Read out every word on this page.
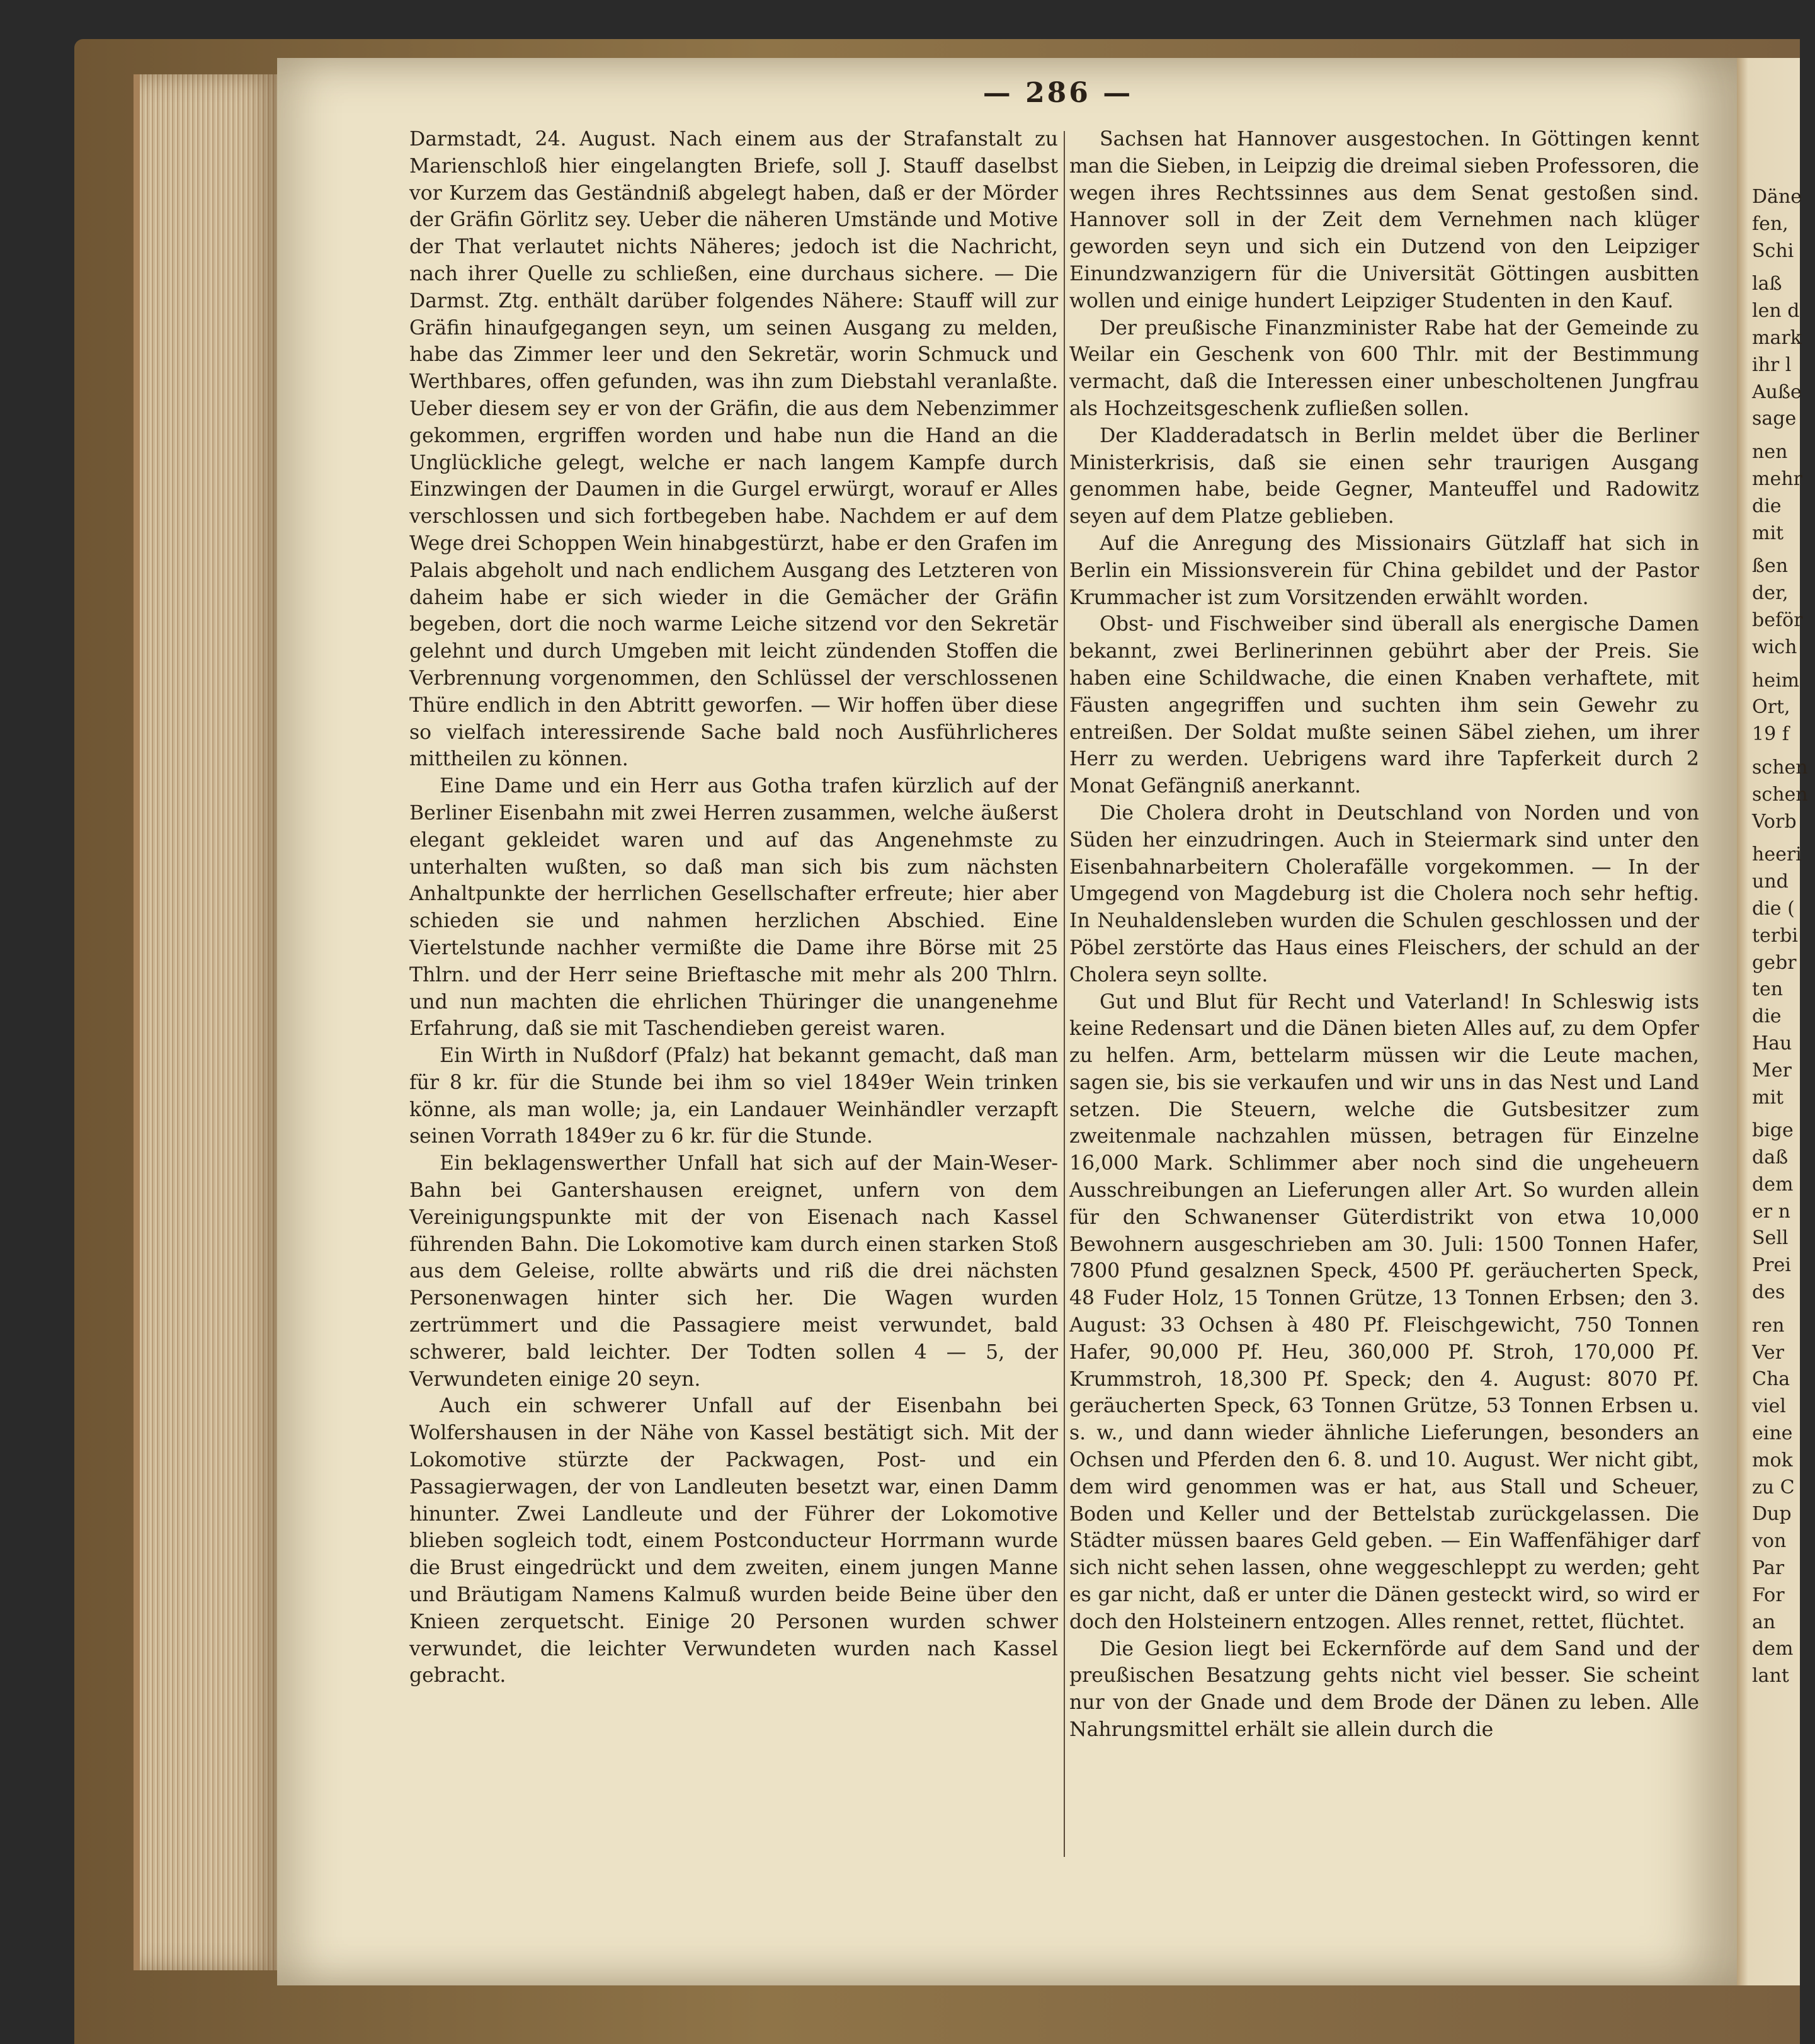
— 286 —

Darmstadt, 24. August. Nach einem aus der Strafanstalt zu Marienschloß hier eingelangten Briefe, soll J. Stauff daselbst vor Kurzem das Geständniß abgelegt haben, daß er der Mörder der Gräfin Görlitz sey. Ueber die näheren Umstände und Motive der That verlautet nichts Näheres; jedoch ist die Nachricht, nach ihrer Quelle zu schließen, eine durchaus sichere. — Die Darmst. Ztg. enthält darüber folgendes Nähere: Stauff will zur Gräfin hinaufgegangen seyn, um seinen Ausgang zu melden, habe das Zimmer leer und den Sekretär, worin Schmuck und Werthbares, offen gefunden, was ihn zum Diebstahl veranlaßte. Ueber diesem sey er von der Gräfin, die aus dem Nebenzimmer gekommen, ergriffen worden und habe nun die Hand an die Unglückliche gelegt, welche er nach langem Kampfe durch Einzwingen der Daumen in die Gurgel erwürgt, worauf er Alles verschlossen und sich fortbegeben habe. Nachdem er auf dem Wege drei Schoppen Wein hinabgestürzt, habe er den Grafen im Palais abgeholt und nach endlichem Ausgang des Letzteren von daheim habe er sich wieder in die Gemächer der Gräfin begeben, dort die noch warme Leiche sitzend vor den Sekretär gelehnt und durch Umgeben mit leicht zündenden Stoffen die Verbrennung vorgenommen, den Schlüssel der verschlossenen Thüre endlich in den Abtritt geworfen. — Wir hoffen über diese so vielfach interessirende Sache bald noch Ausführlicheres mittheilen zu können.

Eine Dame und ein Herr aus Gotha trafen kürzlich auf der Berliner Eisenbahn mit zwei Herren zusammen, welche äußerst elegant gekleidet waren und auf das Angenehmste zu unterhalten wußten, so daß man sich bis zum nächsten Anhaltpunkte der herrlichen Gesellschafter erfreute; hier aber schieden sie und nahmen herzlichen Abschied. Eine Viertelstunde nachher vermißte die Dame ihre Börse mit 25 Thlrn. und der Herr seine Brieftasche mit mehr als 200 Thlrn. und nun machten die ehrlichen Thüringer die unangenehme Erfahrung, daß sie mit Taschendieben gereist waren.

Ein Wirth in Nußdorf (Pfalz) hat bekannt gemacht, daß man für 8 kr. für die Stunde bei ihm so viel 1849er Wein trinken könne, als man wolle; ja, ein Landauer Weinhändler verzapft seinen Vorrath 1849er zu 6 kr. für die Stunde.

Ein beklagenswerther Unfall hat sich auf der Main-Weser-Bahn bei Gantershausen ereignet, unfern von dem Vereinigungspunkte mit der von Eisenach nach Kassel führenden Bahn. Die Lokomotive kam durch einen starken Stoß aus dem Geleise, rollte abwärts und riß die drei nächsten Personenwagen hinter sich her. Die Wagen wurden zertrümmert und die Passagiere meist verwundet, bald schwerer, bald leichter. Der Todten sollen 4 — 5, der Verwundeten einige 20 seyn.

Auch ein schwerer Unfall auf der Eisenbahn bei Wolfershausen in der Nähe von Kassel bestätigt sich. Mit der Lokomotive stürzte der Packwagen, Post- und ein Passagierwagen, der von Landleuten besetzt war, einen Damm hinunter. Zwei Landleute und der Führer der Lokomotive blieben sogleich todt, einem Postconducteur Horrmann wurde die Brust eingedrückt und dem zweiten, einem jungen Manne und Bräutigam Namens Kalmuß wurden beide Beine über den Knieen zerquetscht. Einige 20 Personen wurden schwer verwundet, die leichter Verwundeten wurden nach Kassel gebracht.

Sachsen hat Hannover ausgestochen. In Göttingen kennt man die Sieben, in Leipzig die dreimal sieben Professoren, die wegen ihres Rechtssinnes aus dem Senat gestoßen sind. Hannover soll in der Zeit dem Vernehmen nach klüger geworden seyn und sich ein Dutzend von den Leipziger Einundzwanzigern für die Universität Göttingen ausbitten wollen und einige hundert Leipziger Studenten in den Kauf.

Der preußische Finanzminister Rabe hat der Gemeinde zu Weilar ein Geschenk von 600 Thlr. mit der Bestimmung vermacht, daß die Interessen einer unbescholtenen Jungfrau als Hochzeitsgeschenk zufließen sollen.

Der Kladderadatsch in Berlin meldet über die Berliner Ministerkrisis, daß sie einen sehr traurigen Ausgang genommen habe, beide Gegner, Manteuffel und Radowitz seyen auf dem Platze geblieben.

Auf die Anregung des Missionairs Gützlaff hat sich in Berlin ein Missionsverein für China gebildet und der Pastor Krummacher ist zum Vorsitzenden erwählt worden.

Obst- und Fischweiber sind überall als energische Damen bekannt, zwei Berlinerinnen gebührt aber der Preis. Sie haben eine Schildwache, die einen Knaben verhaftete, mit Fäusten angegriffen und suchten ihm sein Gewehr zu entreißen. Der Soldat mußte seinen Säbel ziehen, um ihrer Herr zu werden. Uebrigens ward ihre Tapferkeit durch 2 Monat Gefängniß anerkannt.

Die Cholera droht in Deutschland von Norden und von Süden her einzudringen. Auch in Steiermark sind unter den Eisenbahnarbeitern Cholerafälle vorgekommen. — In der Umgegend von Magdeburg ist die Cholera noch sehr heftig. In Neuhaldensleben wurden die Schulen geschlossen und der Pöbel zerstörte das Haus eines Fleischers, der schuld an der Cholera seyn sollte.

Gut und Blut für Recht und Vaterland! In Schleswig ists keine Redensart und die Dänen bieten Alles auf, zu dem Opfer zu helfen. Arm, bettelarm müssen wir die Leute machen, sagen sie, bis sie verkaufen und wir uns in das Nest und Land setzen. Die Steuern, welche die Gutsbesitzer zum zweitenmale nachzahlen müssen, betragen für Einzelne 16,000 Mark. Schlimmer aber noch sind die ungeheuern Ausschreibungen an Lieferungen aller Art. So wurden allein für den Schwanenser Güterdistrikt von etwa 10,000 Bewohnern ausgeschrieben am 30. Juli: 1500 Tonnen Hafer, 7800 Pfund gesalznen Speck, 4500 Pf. geräucherten Speck, 48 Fuder Holz, 15 Tonnen Grütze, 13 Tonnen Erbsen; den 3. August: 33 Ochsen à 480 Pf. Fleischgewicht, 750 Tonnen Hafer, 90,000 Pf. Heu, 360,000 Pf. Stroh, 170,000 Pf. Krummstroh, 18,300 Pf. Speck; den 4. August: 8070 Pf. geräucherten Speck, 63 Tonnen Grütze, 53 Tonnen Erbsen u. s. w., und dann wieder ähnliche Lieferungen, besonders an Ochsen und Pferden den 6. 8. und 10. August. Wer nicht gibt, dem wird genommen was er hat, aus Stall und Scheuer, Boden und Keller und der Bettelstab zurückgelassen. Die Städter müssen baares Geld geben. — Ein Waffenfähiger darf sich nicht sehen lassen, ohne weggeschleppt zu werden; geht es gar nicht, daß er unter die Dänen gesteckt wird, so wird er doch den Holsteinern entzogen. Alles rennet, rettet, flüchtet.

Die Gesion liegt bei Eckernförde auf dem Sand und der preußischen Besatzung gehts nicht viel besser. Sie scheint nur von der Gnade und dem Brode der Dänen zu leben. Alle Nahrungsmittel erhält sie allein durch die

Däne
fen,
Schi
laß
len d
mark
ihr l
Auße
sage
nen
mehr
die
mit
ßen
der,
beför
wich
heim
Ort,
19 f
schen
schen
Vorb
heeri
und
die (
terbi
gebr
ten
die
Hau
Mer
mit
bige
daß
dem
er n
Sell
Prei
des
ren
Ver
Cha
viel
eine
mok
zu C
Dup
von
Par
For
an
dem
lant
